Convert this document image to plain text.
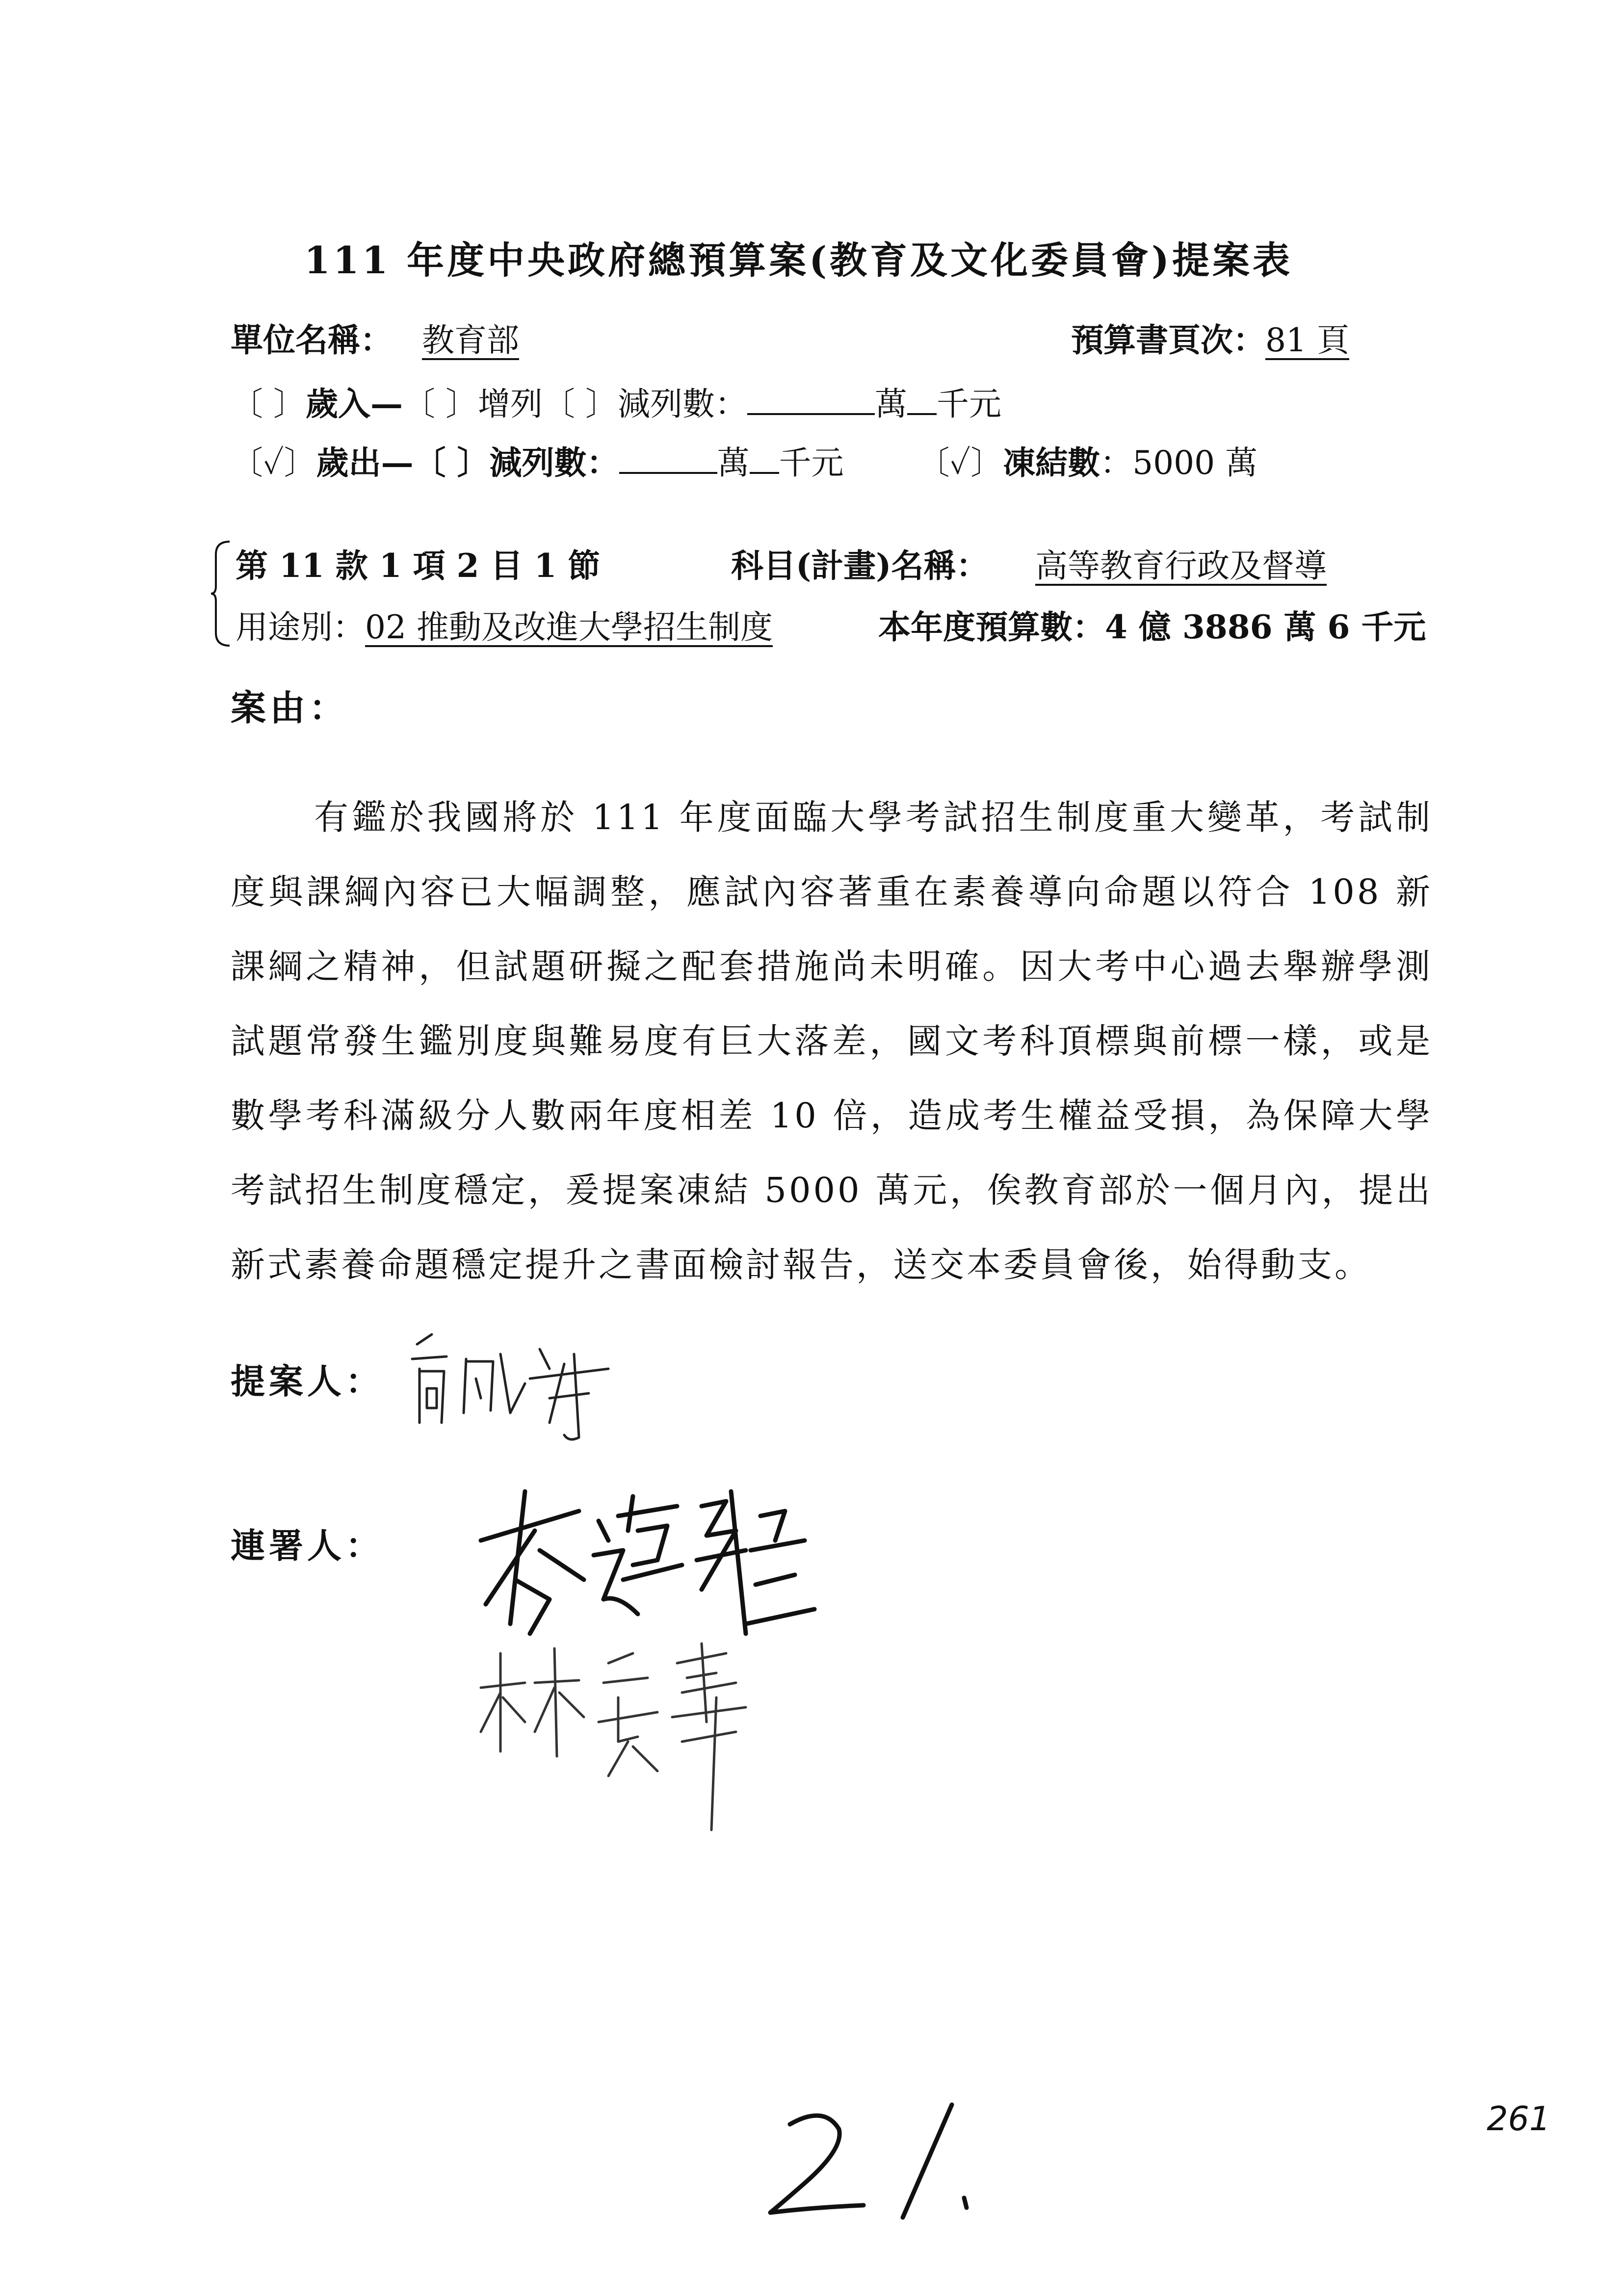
111 年度中央政府總預算案(教育及文化委員會)提案表
單位名稱： 教育部	預算書頁次：81 頁
〔 〕歲入—〔 〕增列〔 〕減列數：	萬 千元
〔✓〕歲出—〔 〕減列數：	萬 千元 〔✓〕凍結數：5000 萬
第 11 款 1 項 2 目 1 節	科目(計畫)名稱： 高等教育行政及督導
用途別：02 推動及改進大學招生制度	本年度預算數：4 億 3886 萬 6 千元
案由：
有鑑於我國將於 111 年度面臨大學考試招生制度重大變革，考試制度與課綱內容已大幅調整，應試內容著重在素養導向命題以符合 108 新課綱之精神，但試題研擬之配套措施尚未明確。因大考中心過去舉辦學測試題常發生鑑別度與難易度有巨大落差，國文考科頂標與前標一樣，或是數學考科滿級分人數兩年度相差 10 倍，造成考生權益受損，為保障大學考試招生制度穩定，爰提案凍結 5000 萬元，俟教育部於一個月內，提出新式素養命題穩定提升之書面檢討報告，送交本委員會後，始得動支。
提案人：
連署人：
261
